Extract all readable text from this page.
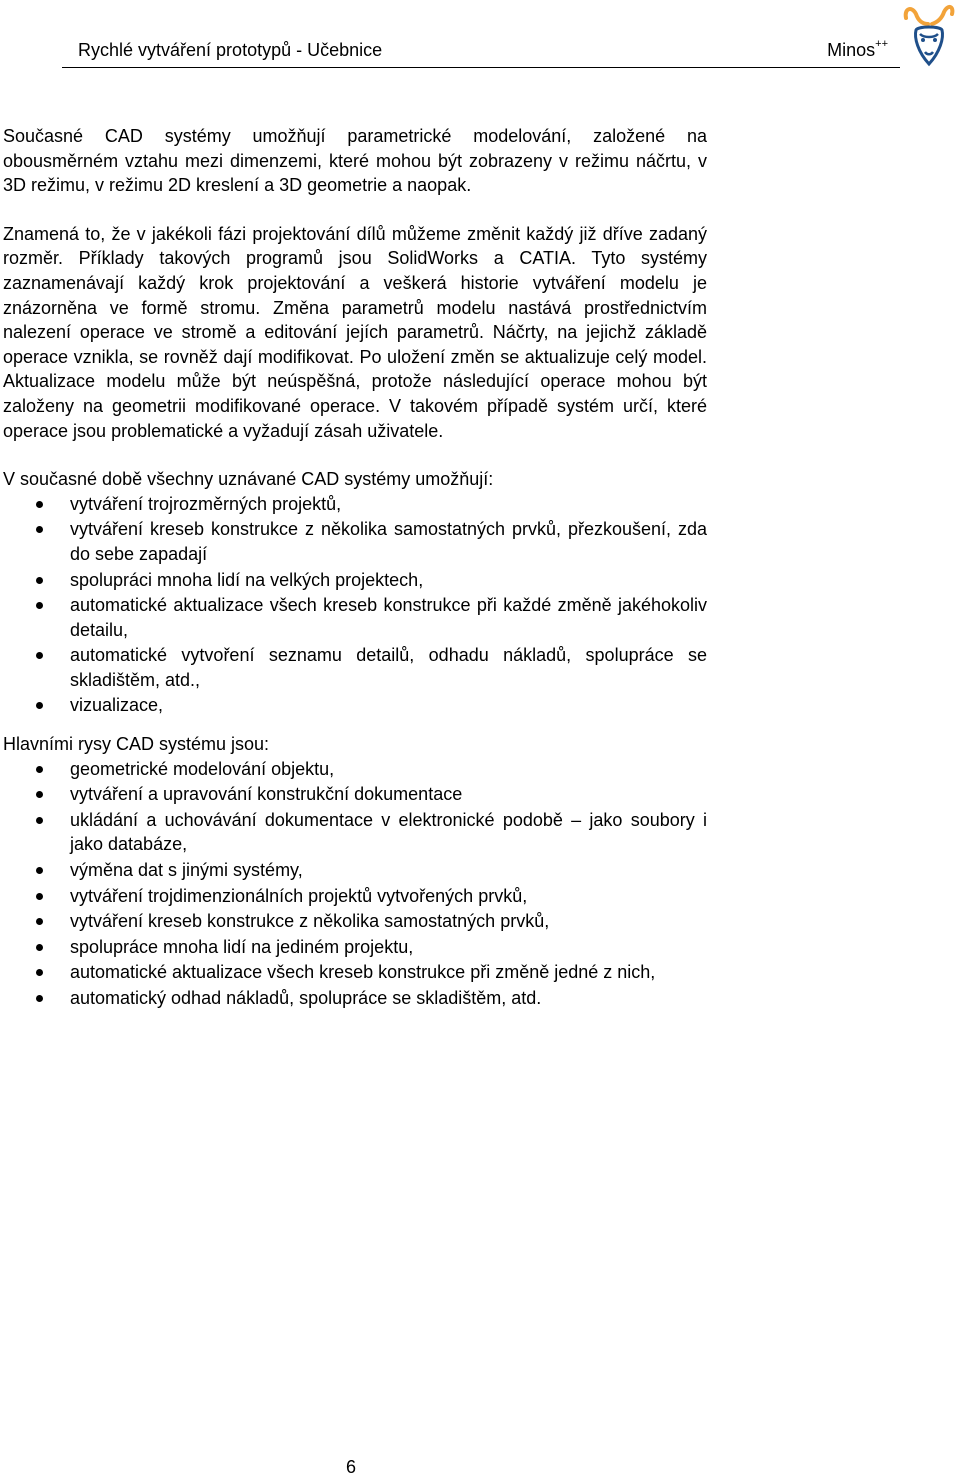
Rychlé vytváření prototypů - Učebnice	Minos++

Současné CAD systémy umožňují parametrické modelování, založené na obousměrném vztahu mezi dimenzemi, které mohou být zobrazeny v režimu náčrtu, v 3D režimu, v režimu 2D kreslení a 3D geometrie a naopak.

Znamená to, že v jakékoli fázi projektování dílů můžeme změnit každý již dříve zadaný rozměr. Příklady takových programů jsou SolidWorks a CATIA. Tyto systémy zaznamenávají každý krok projektování a veškerá historie vytváření modelu je znázorněna ve formě stromu. Změna parametrů modelu nastává prostřednictvím nalezení operace ve stromě a editování jejích parametrů. Náčrty, na jejichž základě operace vznikla, se rovněž dají modifikovat. Po uložení změn se aktualizuje celý model. Aktualizace modelu může být neúspěšná, protože následující operace mohou být založeny na geometrii modifikované operace. V takovém případě systém určí, které operace jsou problematické a vyžadují zásah uživatele.

V současné době všechny uznávané CAD systémy umožňují:
vytváření trojrozměrných projektů,
vytváření kreseb konstrukce z několika samostatných prvků, přezkoušení, zda do sebe zapadají
spolupráci mnoha lidí na velkých projektech,
automatické aktualizace všech kreseb konstrukce při každé změně jakéhokoliv detailu,
automatické vytvoření seznamu detailů, odhadu nákladů, spolupráce se skladištěm, atd.,
vizualizace,
Hlavními rysy CAD systému jsou:
geometrické modelování objektu,
vytváření a upravování konstrukční dokumentace
ukládání a uchovávání dokumentace v elektronické podobě – jako soubory i jako databáze,
výměna dat s jinými systémy,
vytváření trojdimenzionálních projektů vytvořených prvků,
vytváření kreseb konstrukce z několika samostatných prvků,
spolupráce mnoha lidí na jediném projektu,
automatické aktualizace všech kreseb konstrukce při změně jedné z nich,
automatický odhad nákladů, spolupráce se skladištěm, atd.
6
